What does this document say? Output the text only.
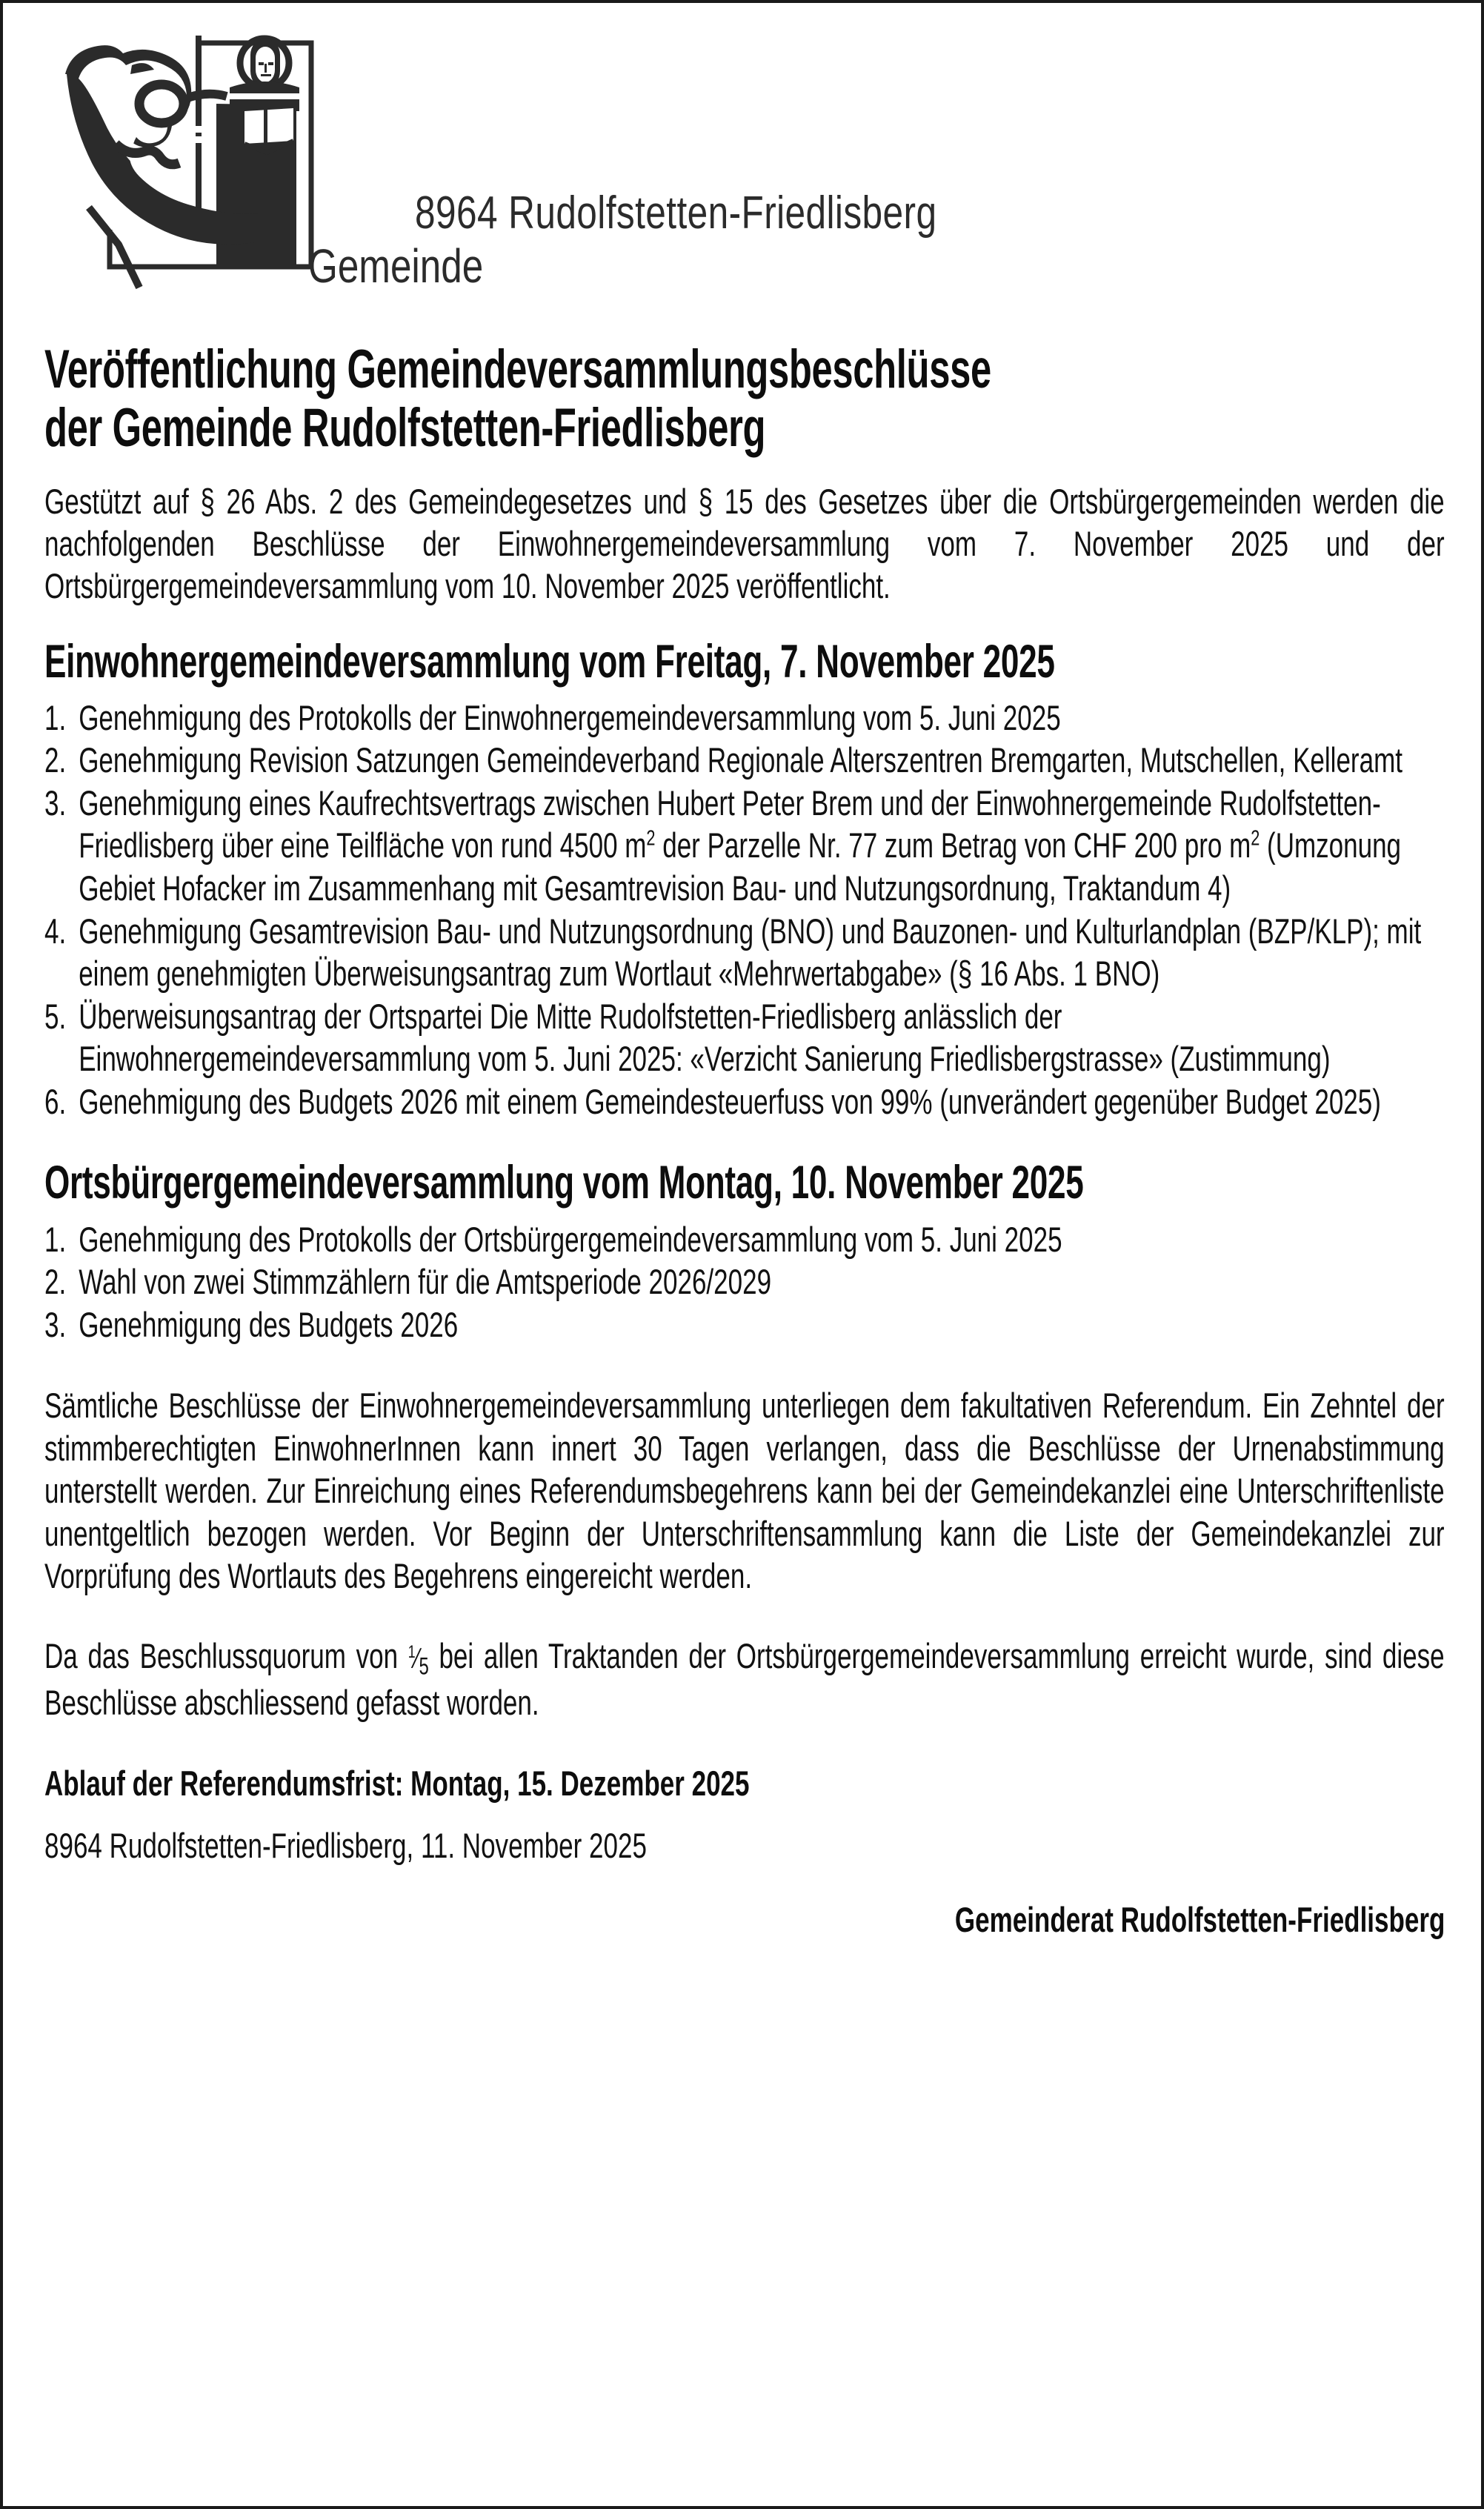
8964 Rudolfstetten-Friedlisberg
Gemeinde
Veröffentlichung Gemeindeversammlungsbeschlüsse
der Gemeinde Rudolfstetten-Friedlisberg

Gestützt auf § 26 Abs. 2 des Gemeindegesetzes und § 15 des Gesetzes über die Ortsbürgergemeinden werden die nachfolgenden Beschlüsse der Einwohnergemeindeversammlung vom 7. November 2025 und der Ortsbürgergemeindeversammlung vom 10. November 2025 veröffentlicht.

Einwohnergemeindeversammlung vom Freitag, 7. November 2025
1. Genehmigung des Protokolls der Einwohnergemeindeversammlung vom 5. Juni 2025
2. Genehmigung Revision Satzungen Gemeindeverband Regionale Alterszentren Bremgarten, Mutschellen, Kelleramt
3. Genehmigung eines Kaufrechtsvertrags zwischen Hubert Peter Brem und der Einwohnergemeinde Rudolfstetten-Friedlisberg über eine Teilfläche von rund 4500 $m^2$ der Parzelle Nr. 77 zum Betrag von CHF 200 pro $m^2$ (Umzonung Gebiet Hofacker im Zusammenhang mit Gesamtrevision Bau- und Nutzungsordnung, Traktandum 4)
4. Genehmigung Gesamtrevision Bau- und Nutzungsordnung (BNO) und Bauzonen- und Kulturlandplan (BZP/KLP); mit einem genehmigten Überweisungsantrag zum Wortlaut «Mehrwertabgabe» (§ 16 Abs. 1 BNO)
5. Überweisungsantrag der Ortspartei Die Mitte Rudolfstetten-Friedlisberg anlässlich der Einwohnergemeindeversammlung vom 5. Juni 2025: «Verzicht Sanierung Friedlisbergstrasse» (Zustimmung)
6. Genehmigung des Budgets 2026 mit einem Gemeindesteuerfuss von 99% (unverändert gegenüber Budget 2025)
Ortsbürgergemeindeversammlung vom Montag, 10. November 2025
1. Genehmigung des Protokolls der Ortsbürgergemeindeversammlung vom 5. Juni 2025
2. Wahl von zwei Stimmzählern für die Amtsperiode 2026/2029
3. Genehmigung des Budgets 2026

Sämtliche Beschlüsse der Einwohnergemeindeversammlung unterliegen dem fakultativen Referendum. Ein Zehntel der stimmberechtigten EinwohnerInnen kann innert 30 Tagen verlangen, dass die Beschlüsse der Urnenabstimmung unterstellt werden. Zur Einreichung eines Referendumsbegehrens kann bei der Gemeindekanzlei eine Unterschriftenliste unentgeltlich bezogen werden. Vor Beginn der Unterschriftensammlung kann die Liste der Gemeindekanzlei zur Vorprüfung des Wortlauts des Begehrens eingereicht werden.

Da das Beschlussquorum von $^1⁄_5$ bei allen Traktanden der Ortsbürgergemeindeversammlung erreicht wurde, sind diese Beschlüsse abschliessend gefasst worden.

Ablauf der Referendumsfrist: Montag, 15. Dezember 2025

8964 Rudolfstetten-Friedlisberg, 11. November 2025

Gemeinderat Rudolfstetten-Friedlisberg
